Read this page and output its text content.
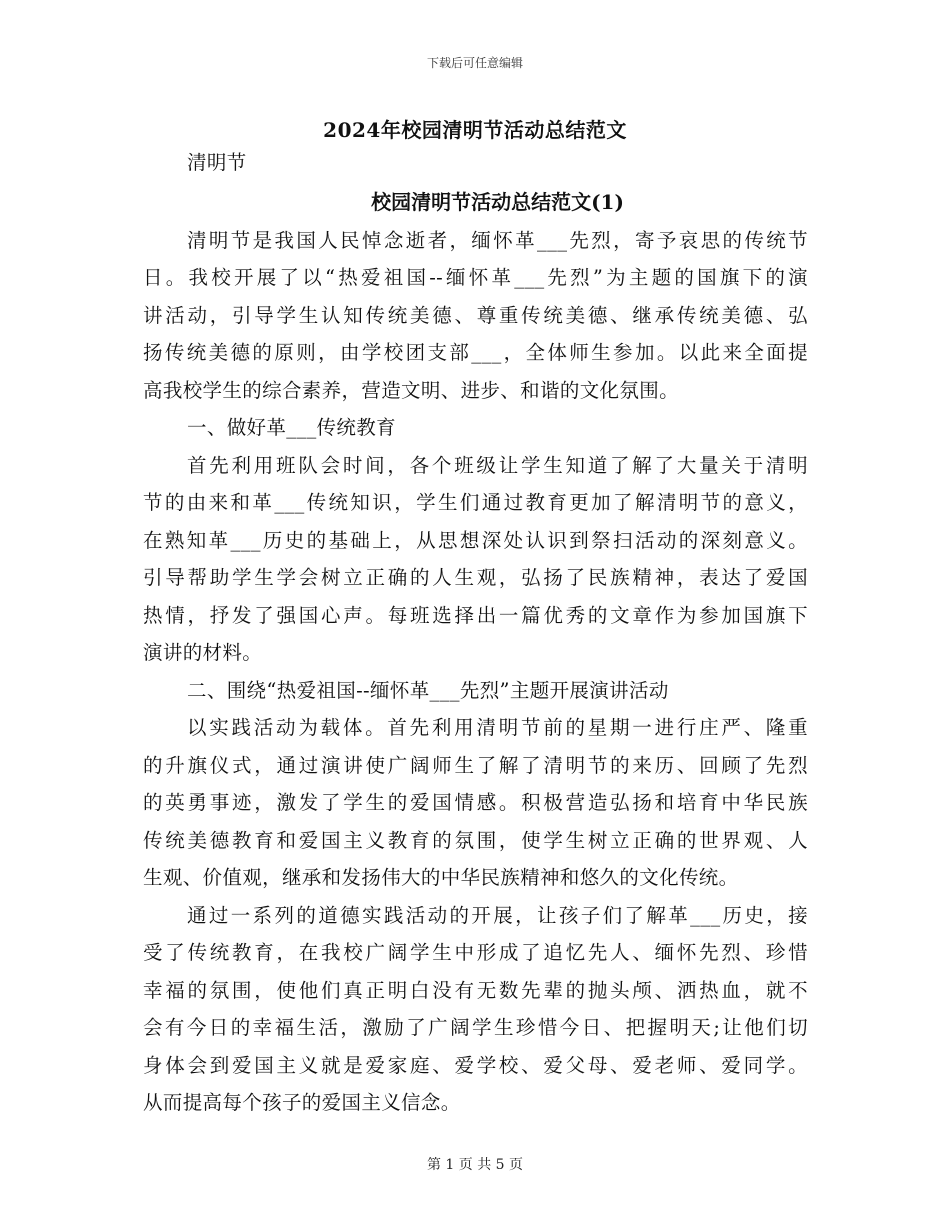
下载后可任意编辑
2024年校园清明节活动总结范文
清明节
校园清明节活动总结范文(1)
清明节是我国人民悼念逝者，缅怀革___先烈，寄予哀思的传统节
日。我校开展了以“热爱祖国--缅怀革___先烈”为主题的国旗下的演
讲活动，引导学生认知传统美德、尊重传统美德、继承传统美德、弘
扬传统美德的原则，由学校团支部___，全体师生参加。以此来全面提
高我校学生的综合素养，营造文明、进步、和谐的文化氛围。
一、做好革___传统教育
首先利用班队会时间，各个班级让学生知道了解了大量关于清明
节的由来和革___传统知识，学生们通过教育更加了解清明节的意义，
在熟知革___历史的基础上，从思想深处认识到祭扫活动的深刻意义。
引导帮助学生学会树立正确的人生观，弘扬了民族精神，表达了爱国
热情，抒发了强国心声。每班选择出一篇优秀的文章作为参加国旗下
演讲的材料。
二、围绕“热爱祖国--缅怀革___先烈”主题开展演讲活动
以实践活动为载体。首先利用清明节前的星期一进行庄严、隆重
的升旗仪式，通过演讲使广阔师生了解了清明节的来历、回顾了先烈
的英勇事迹，激发了学生的爱国情感。积极营造弘扬和培育中华民族
传统美德教育和爱国主义教育的氛围，使学生树立正确的世界观、人
生观、价值观，继承和发扬伟大的中华民族精神和悠久的文化传统。
通过一系列的道德实践活动的开展，让孩子们了解革___历史，接
受了传统教育，在我校广阔学生中形成了追忆先人、缅怀先烈、珍惜
幸福的氛围，使他们真正明白没有无数先辈的抛头颅、洒热血，就不
会有今日的幸福生活，激励了广阔学生珍惜今日、把握明天;让他们切
身体会到爱国主义就是爱家庭、爱学校、爱父母、爱老师、爱同学。
从而提高每个孩子的爱国主义信念。
第 1 页 共 5 页
